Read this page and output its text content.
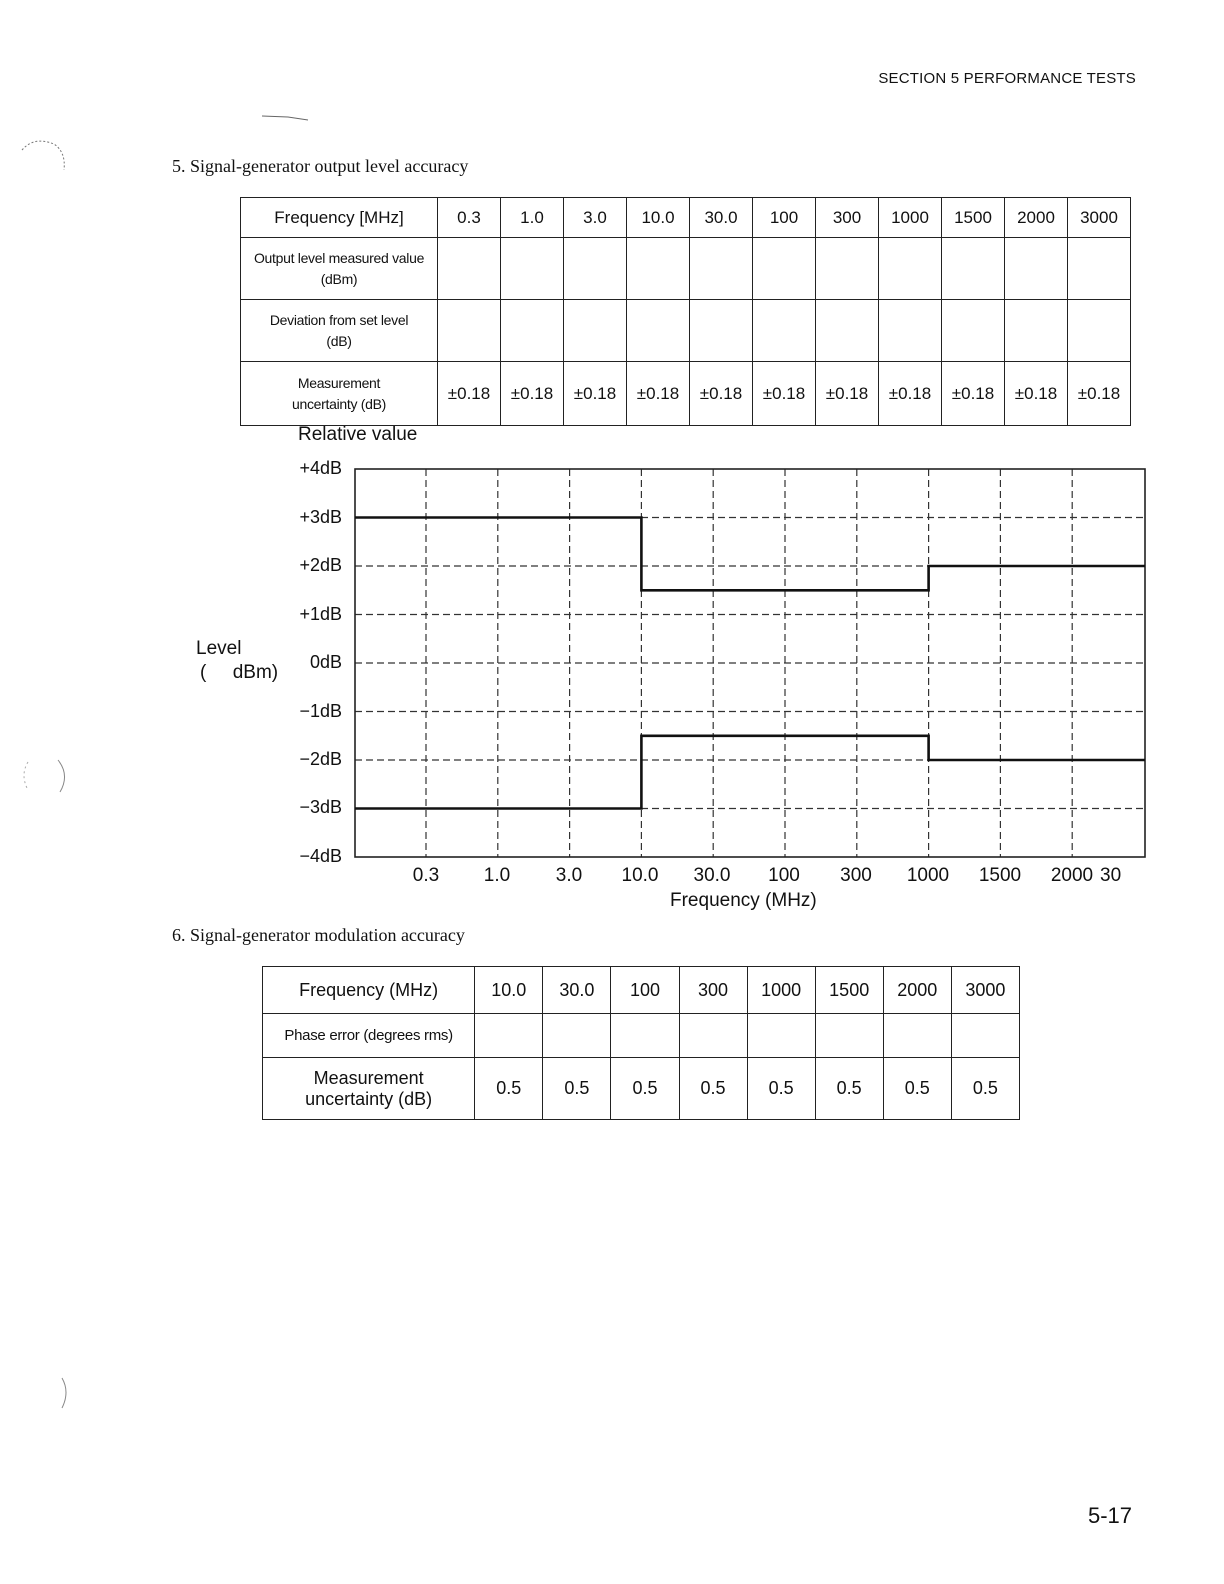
SECTION 5 PERFORMANCE TESTS
5. Signal-generator output level accuracy
Frequency [MHz]	0.3	1.0	3.0	10.0	30.0	100	300	1000	1500	2000	3000

Output level measured value
(dBm)											

Deviation from set level
(dB)											

Measurement
uncertainty (dB)	±0.18	±0.18	±0.18	±0.18	±0.18	±0.18	±0.18	±0.18	±0.18	±0.18	±0.18
Relative value
Level
(     dBm)
Frequency (MHz)
+4dB
+3dB
+2dB
+1dB
0dB
−1dB
−2dB
−3dB
−4dB
0.3	1.0	3.0	10.0	30.0	100	300	1000	1500	2000 30
6. Signal-generator modulation accuracy
Frequency (MHz)	10.0	30.0	100	300	1000	1500	2000	3000
Phase error (degrees rms)								

Measurement
uncertainty (dB)	0.5	0.5	0.5	0.5	0.5	0.5	0.5	0.5
5-17
